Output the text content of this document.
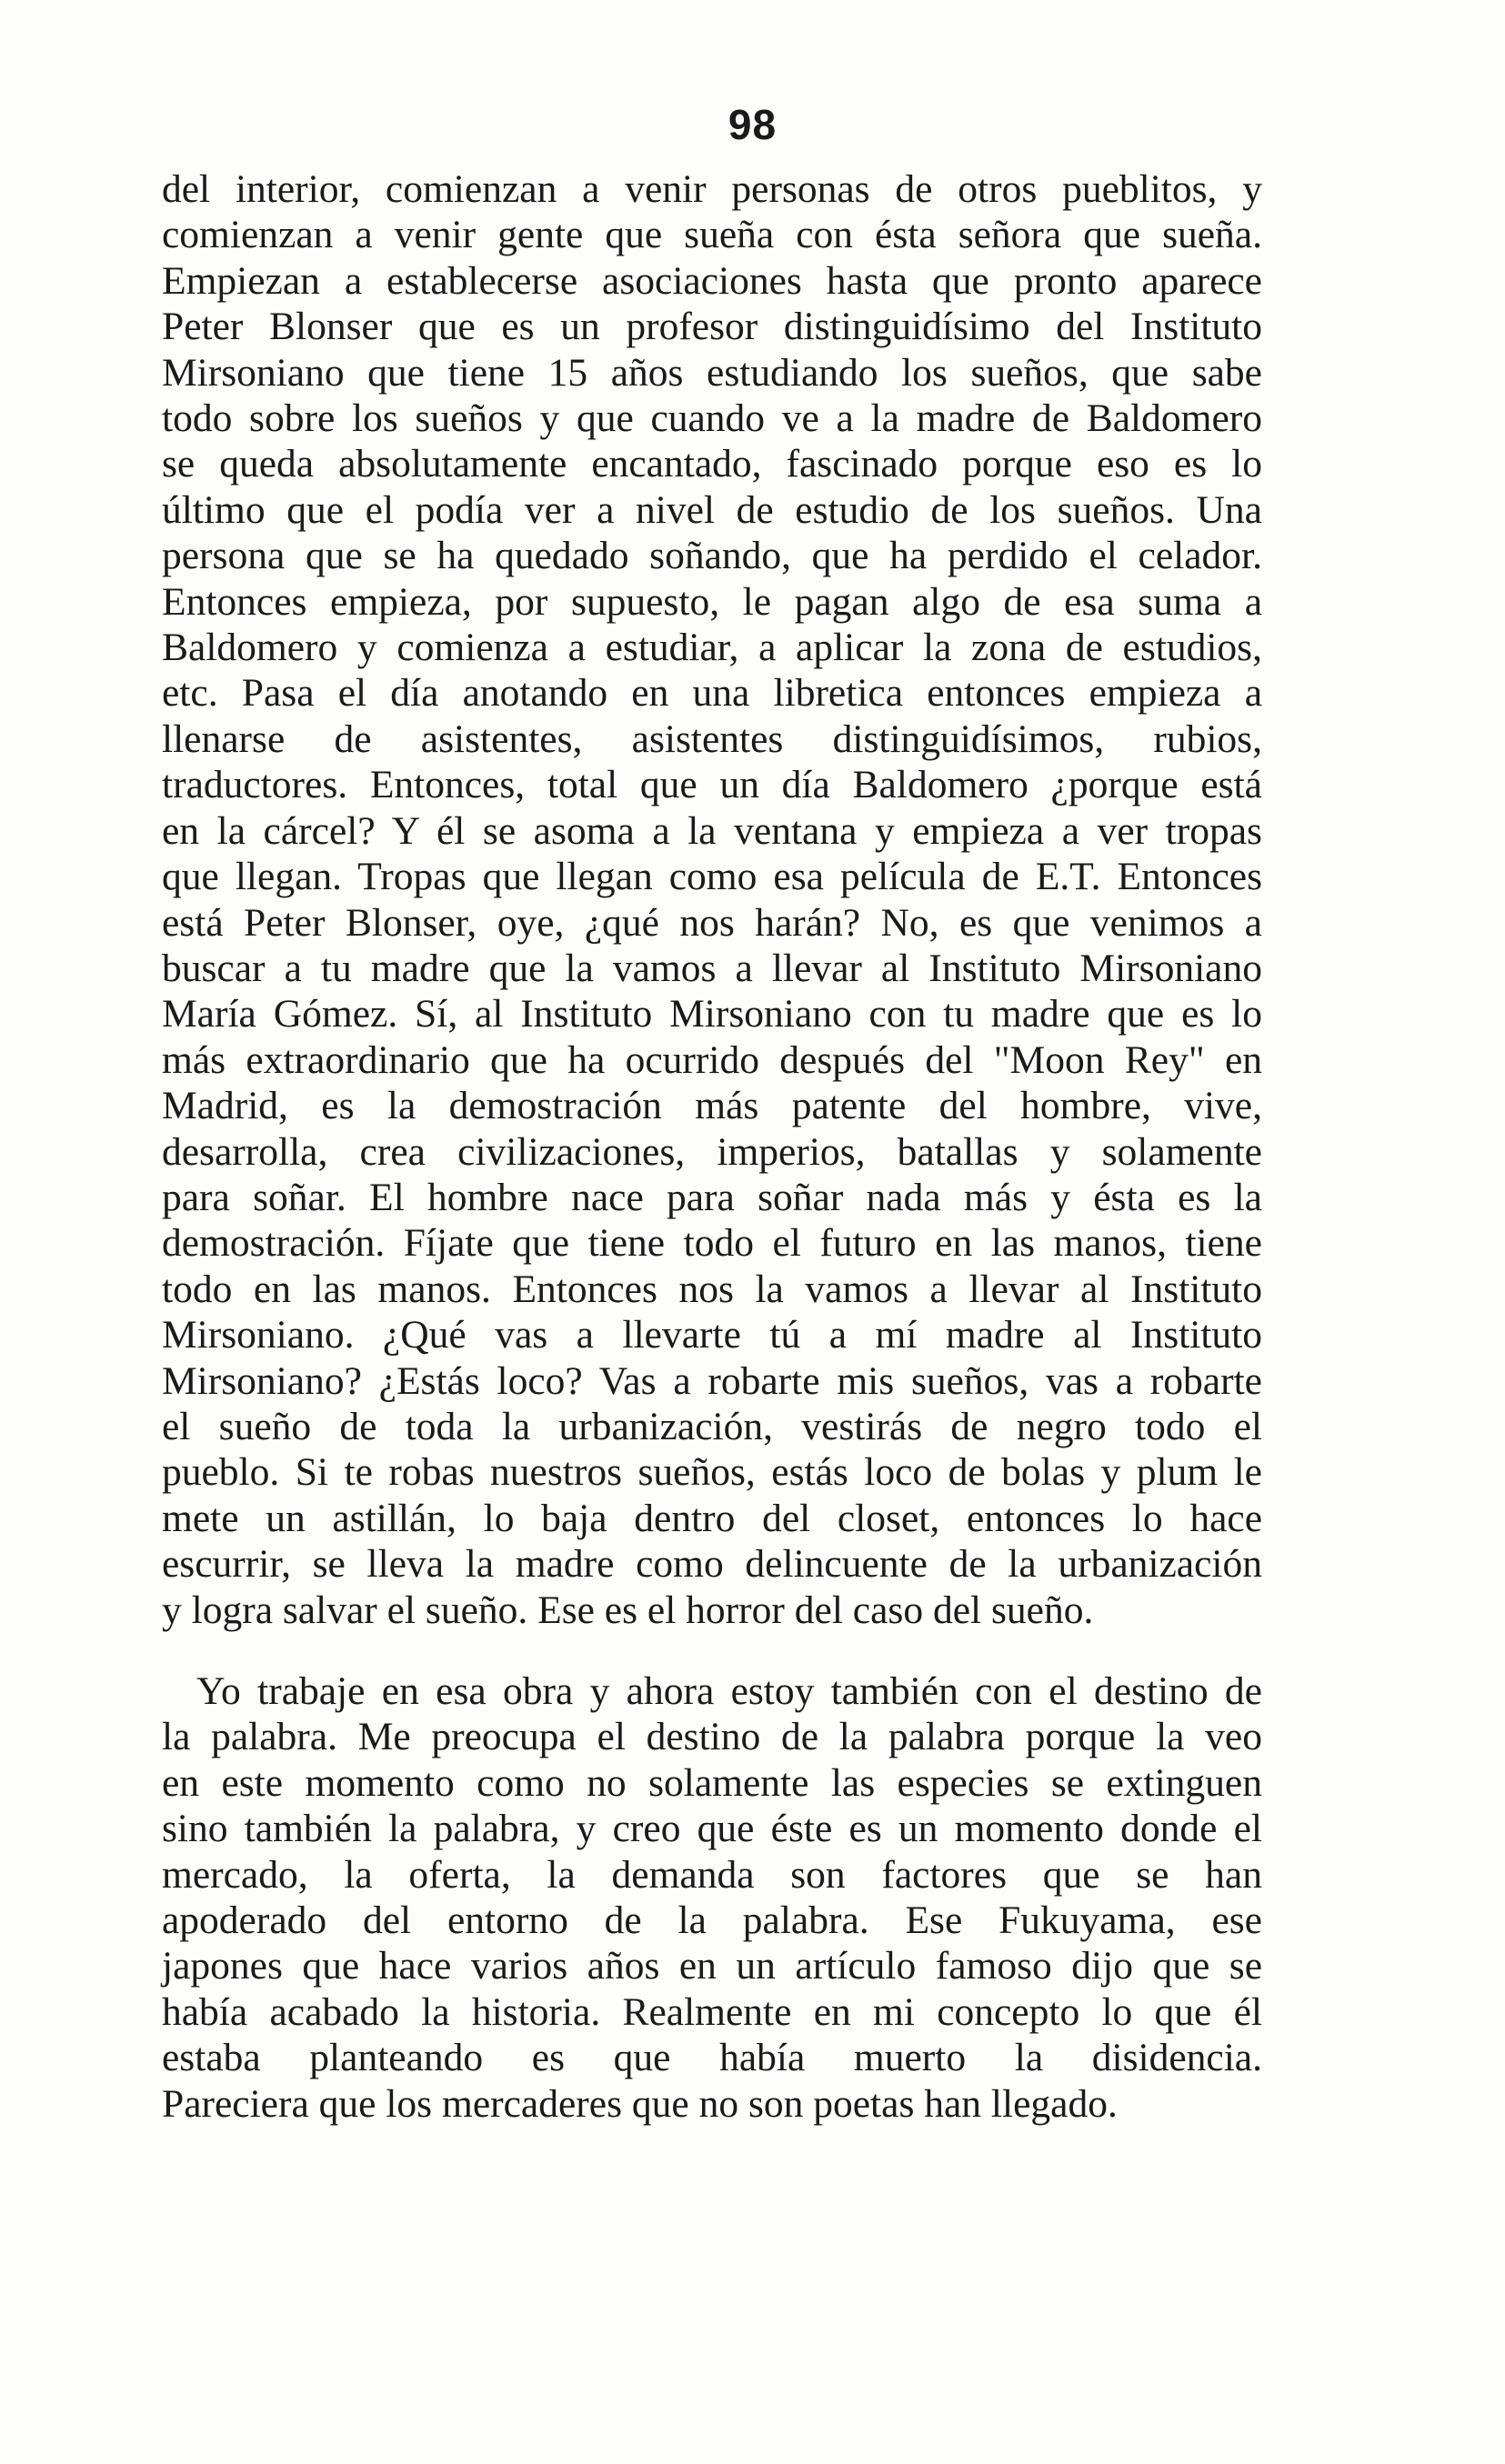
98
del interior, comienzan a venir personas de otros pueblitos, y
comienzan a venir gente que sueña con ésta señora que sueña.
Empiezan a establecerse asociaciones hasta que pronto aparece
Peter Blonser que es un profesor distinguidísimo del Instituto
Mirsoniano que tiene 15 años estudiando los sueños, que sabe
todo sobre los sueños y que cuando ve a la madre de Baldomero
se queda absolutamente encantado, fascinado porque eso es lo
último que el podía ver a nivel de estudio de los sueños. Una
persona que se ha quedado soñando, que ha perdido el celador.
Entonces empieza, por supuesto, le pagan algo de esa suma a
Baldomero y comienza a estudiar, a aplicar la zona de estudios,
etc. Pasa el día anotando en una libretica entonces empieza a
llenarse de asistentes, asistentes distinguidísimos, rubios,
traductores. Entonces, total que un día Baldomero ¿porque está
en la cárcel? Y él se asoma a la ventana y empieza a ver tropas
que llegan. Tropas que llegan como esa película de E.T. Entonces
está Peter Blonser, oye, ¿qué nos harán? No, es que venimos a
buscar a tu madre que la vamos a llevar al Instituto Mirsoniano
María Gómez. Sí, al Instituto Mirsoniano con tu madre que es lo
más extraordinario que ha ocurrido después del "Moon Rey" en
Madrid, es la demostración más patente del hombre, vive,
desarrolla, crea civilizaciones, imperios, batallas y solamente
para soñar. El hombre nace para soñar nada más y ésta es la
demostración. Fíjate que tiene todo el futuro en las manos, tiene
todo en las manos. Entonces nos la vamos a llevar al Instituto
Mirsoniano. ¿Qué vas a llevarte tú a mí madre al Instituto
Mirsoniano? ¿Estás loco? Vas a robarte mis sueños, vas a robarte
el sueño de toda la urbanización, vestirás de negro todo el
pueblo. Si te robas nuestros sueños, estás loco de bolas y plum le
mete un astillán, lo baja dentro del closet, entonces lo hace
escurrir, se lleva la madre como delincuente de la urbanización
y logra salvar el sueño. Ese es el horror del caso del sueño.
Yo trabaje en esa obra y ahora estoy también con el destino de
la palabra. Me preocupa el destino de la palabra porque la veo
en este momento como no solamente las especies se extinguen
sino también la palabra, y creo que éste es un momento donde el
mercado, la oferta, la demanda son factores que se han
apoderado del entorno de la palabra. Ese Fukuyama, ese
japones que hace varios años en un artículo famoso dijo que se
había acabado la historia. Realmente en mi concepto lo que él
estaba planteando es que había muerto la disidencia.
Pareciera que los mercaderes que no son poetas han llegado.
